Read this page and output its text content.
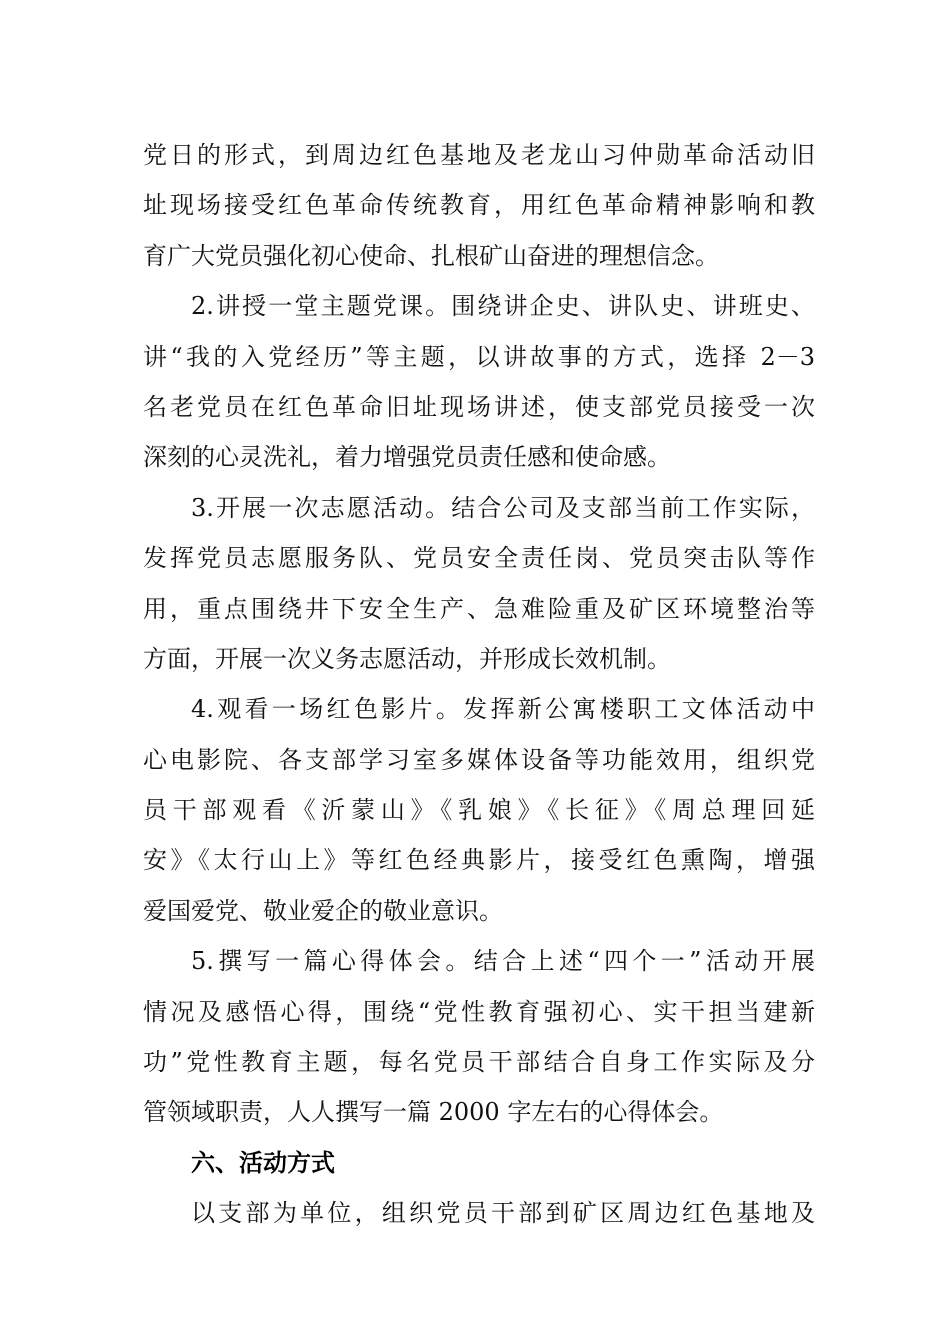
党日的形式，到周边红色基地及老龙山习仲勋革命活动旧
址现场接受红色革命传统教育，用红色革命精神影响和教
育广大党员强化初心使命、扎根矿山奋进的理想信念。
2.讲授一堂主题党课。围绕讲企史、讲队史、讲班史、
讲“我的入党经历”等主题，以讲故事的方式，选择 2－3
名老党员在红色革命旧址现场讲述，使支部党员接受一次
深刻的心灵洗礼，着力增强党员责任感和使命感。
3.开展一次志愿活动。结合公司及支部当前工作实际，
发挥党员志愿服务队、党员安全责任岗、党员突击队等作
用，重点围绕井下安全生产、急难险重及矿区环境整治等
方面，开展一次义务志愿活动，并形成长效机制。
4.观看一场红色影片。发挥新公寓楼职工文体活动中
心电影院、各支部学习室多媒体设备等功能效用，组织党
员干部观看《沂蒙山》《乳娘》《长征》《周总理回延
安》《太行山上》等红色经典影片，接受红色熏陶，增强
爱国爱党、敬业爱企的敬业意识。
5.撰写一篇心得体会。结合上述“四个一”活动开展
情况及感悟心得，围绕“党性教育强初心、实干担当建新
功”党性教育主题，每名党员干部结合自身工作实际及分
管领域职责，人人撰写一篇 2000 字左右的心得体会。
六、活动方式
以支部为单位，组织党员干部到矿区周边红色基地及
